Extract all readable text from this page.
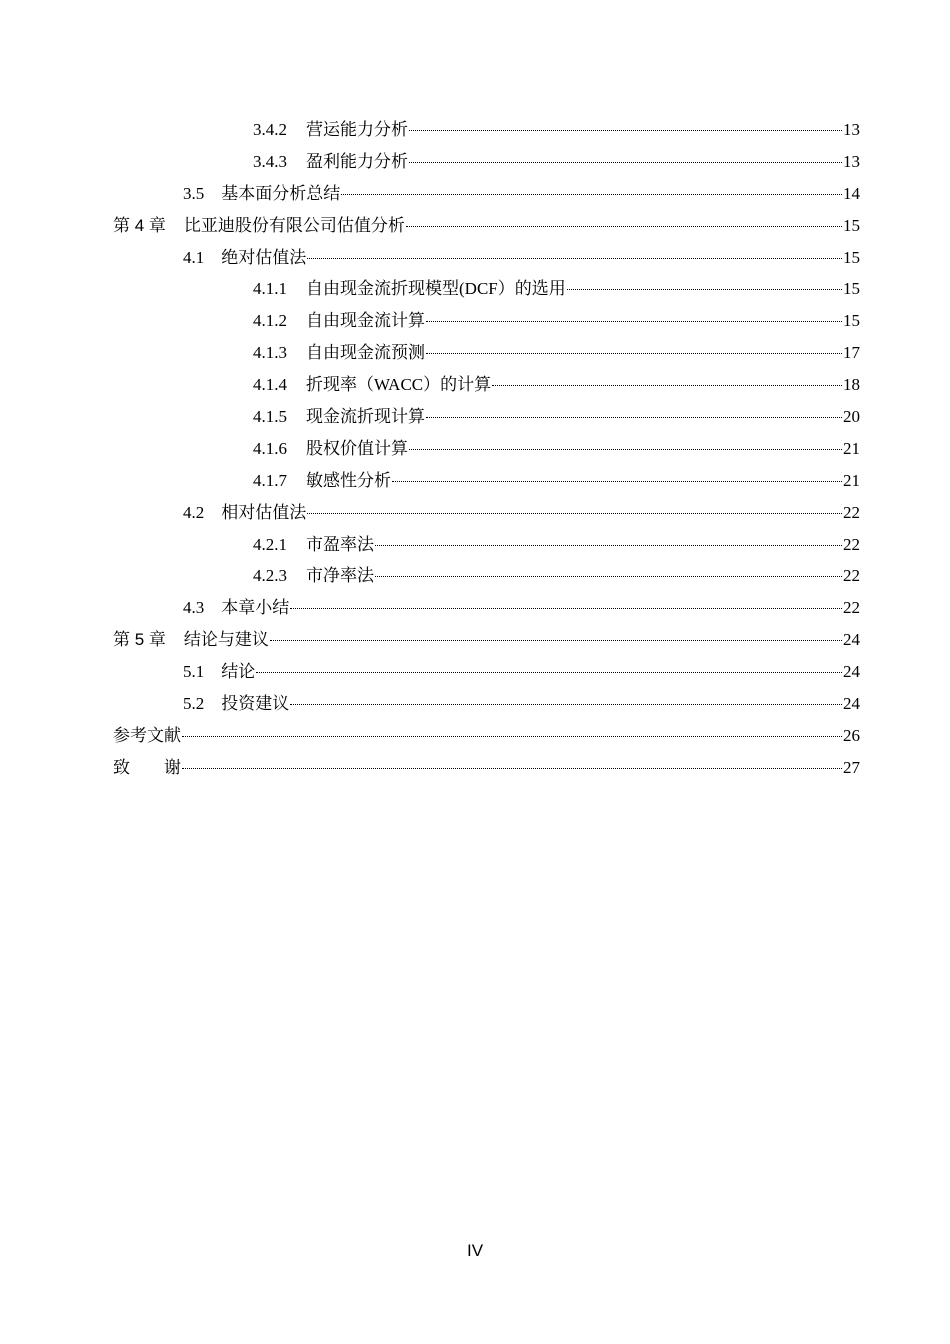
3.4.2 营运能力分析	13
3.4.3 盈利能力分析	13
3.5 基本面分析总结	14
第 4 章 比亚迪股份有限公司估值分析	15
4.1 绝对估值法	15
4.1.1 自由现金流折现模型(DCF）的选用	15
4.1.2 自由现金流计算	15
4.1.3 自由现金流预测	17
4.1.4 折现率（WACC）的计算	18
4.1.5 现金流折现计算	20
4.1.6 股权价值计算	21
4.1.7 敏感性分析	21
4.2 相对估值法	22
4.2.1 市盈率法	22
4.2.3 市净率法	22
4.3 本章小结	22
第 5 章 结论与建议	24
5.1 结论	24
5.2 投资建议	24
参考文献	26
致　　谢	27
IV
